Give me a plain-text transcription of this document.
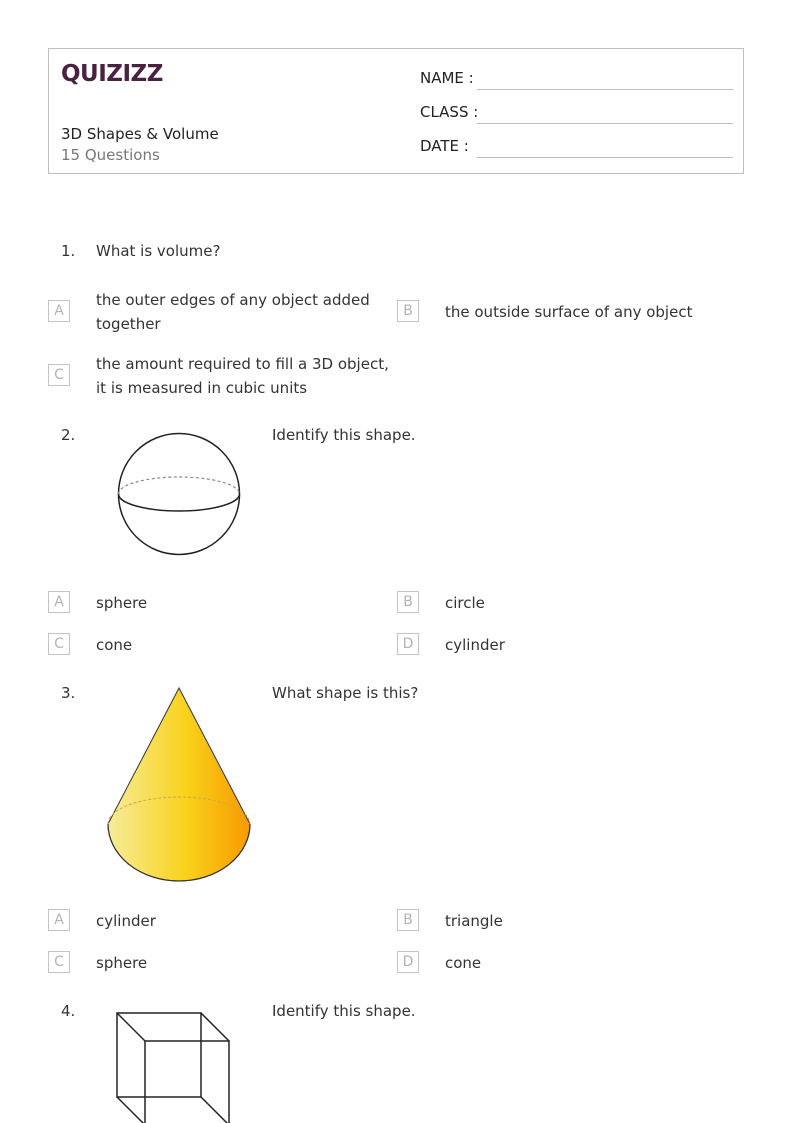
QUIZIZZ
3D Shapes & Volume
15 Questions
NAME :
CLASS :
DATE :
1. What is volume?
A
the outer edges of any object added together
B	the outside surface of any object
C
the amount required to fill a 3D object, it is measured in cubic units
2.	Identify this shape.
A	sphere	B	circle
C	cone	D	cylinder
3.	What shape is this?
A	cylinder	B	triangle
C	sphere	D	cone
4.	Identify this shape.
